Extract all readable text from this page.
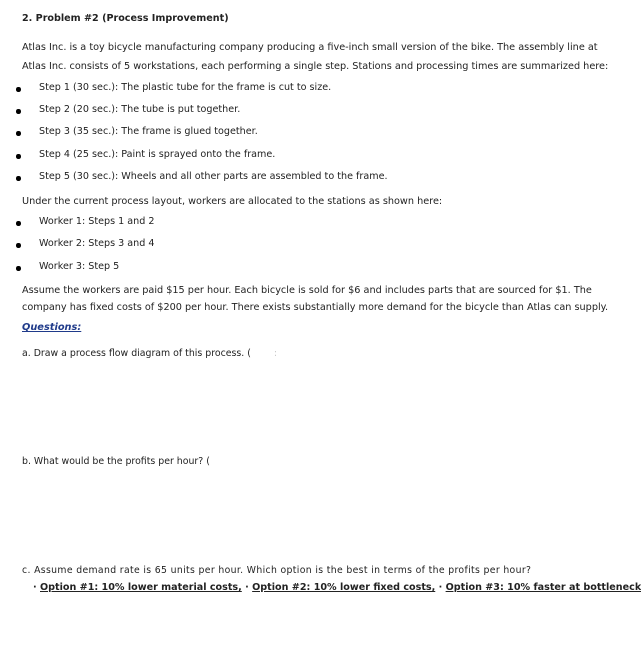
2. Problem #2 (Process Improvement)
Atlas Inc. is a toy bicycle manufacturing company producing a five-inch small version of the bike. The assembly line at
Atlas Inc. consists of 5 workstations, each performing a single step. Stations and processing times are summarized here:
Step 1 (30 sec.): The plastic tube for the frame is cut to size.
Step 2 (20 sec.): The tube is put together.
Step 3 (35 sec.): The frame is glued together.
Step 4 (25 sec.): Paint is sprayed onto the frame.
Step 5 (30 sec.): Wheels and all other parts are assembled to the frame.
Under the current process layout, workers are allocated to the stations as shown here:
Worker 1: Steps 1 and 2
Worker 2: Steps 3 and 4
Worker 3: Step 5
Assume the workers are paid $15 per hour. Each bicycle is sold for $6 and includes parts that are sourced for $1. The
company has fixed costs of $200 per hour. There exists substantially more demand for the bicycle than Atlas can supply.
Questions:
a. Draw a process flow diagram of this process. ( :
b. What would be the profits per hour? (
c. Assume demand rate is 65 units per hour. Which option is the best in terms of the profits per hour?
· Option #1: 10% lower material costs, · Option #2: 10% lower fixed costs, · Option #3: 10% faster at bottleneck
